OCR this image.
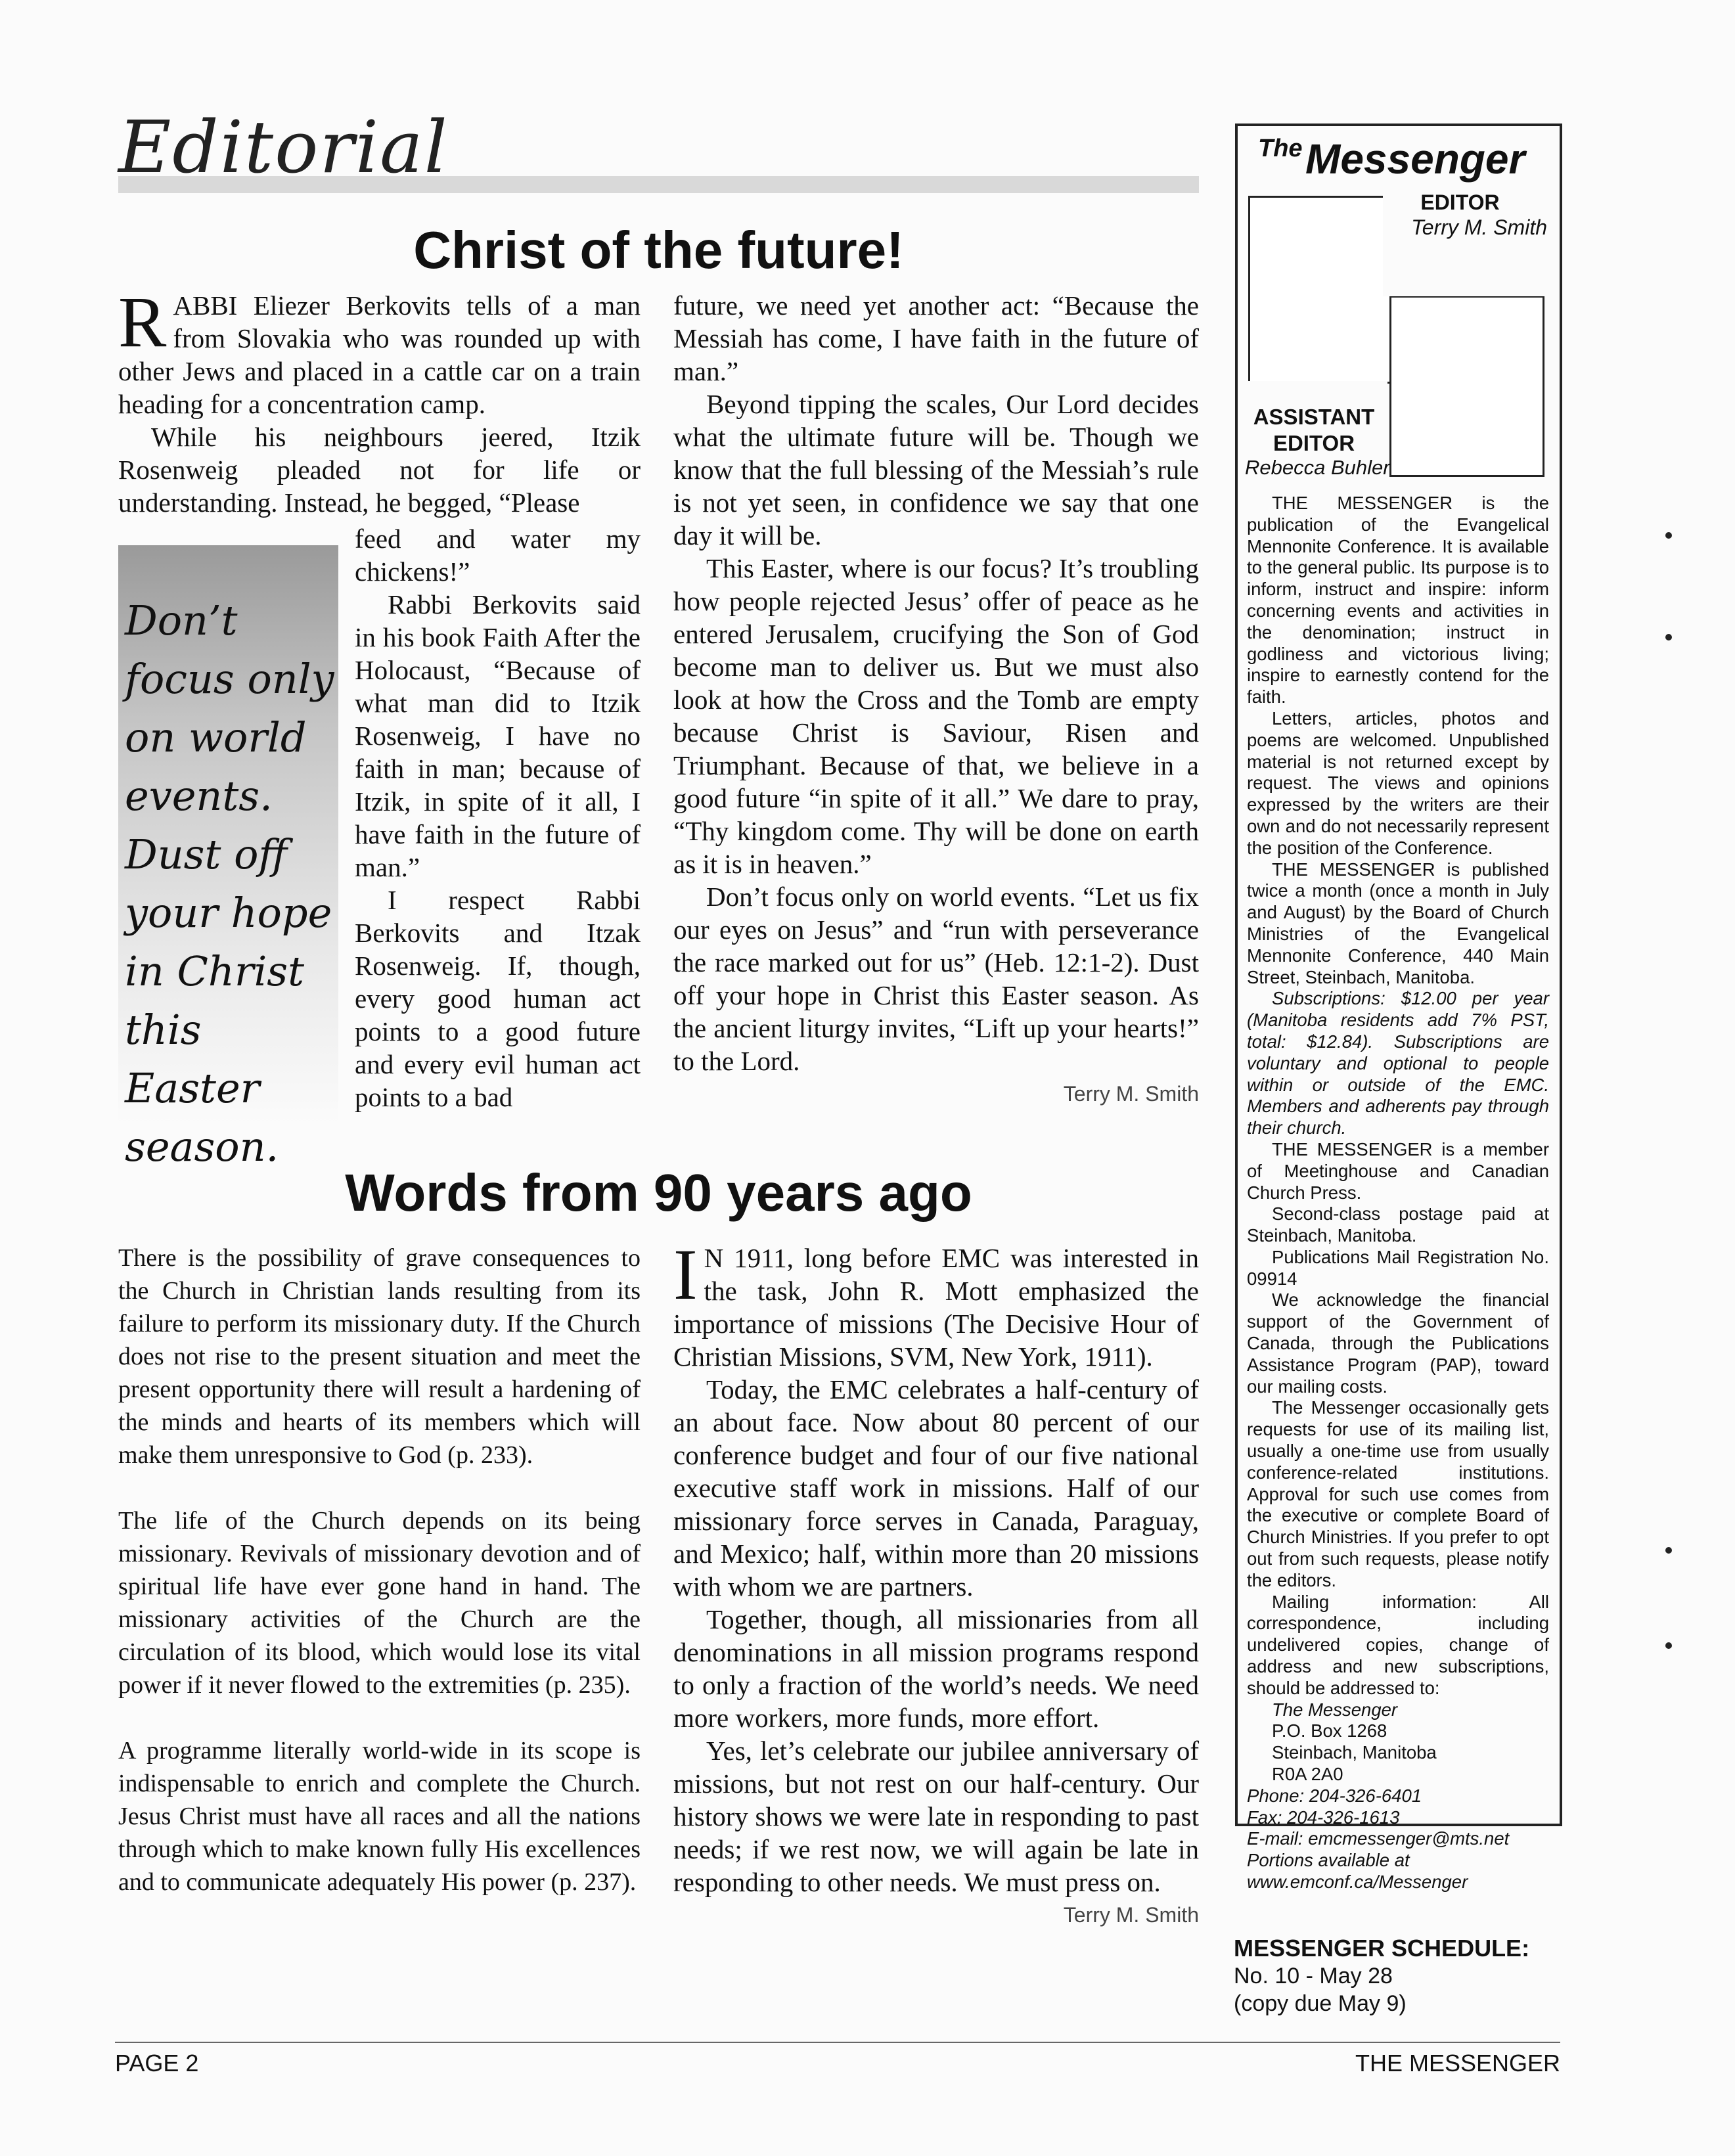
Editorial
Christ of the future!

RABBI Eliezer Berkovits tells of a man from Slovakia who was rounded up with other Jews and placed in a cattle car on a train heading for a concentration camp.

While his neighbours jeered, Itzik Rosenweig pleaded not for life or understanding. Instead, he begged, “Please

Don’t focus only on world events. Dust off your hope in Christ this Easter season.

feed and water my chickens!”

Rabbi Berkovits said in his book Faith After the Holocaust, “Because of what man did to Itzik Rosenweig, I have no faith in man; because of Itzik, in spite of it all, I have faith in the future of man.”

I respect Rabbi Berkovits and Itzak Rosenweig. If, though, every good human act points to a good future and every evil human act points to a bad

future, we need yet another act: “Because the Messiah has come, I have faith in the future of man.”

Beyond tipping the scales, Our Lord decides what the ultimate future will be. Though we know that the full blessing of the Messiah’s rule is not yet seen, in confidence we say that one day it will be.

This Easter, where is our focus? It’s troubling how people rejected Jesus’ offer of peace as he entered Jerusalem, crucifying the Son of God become man to deliver us. But we must also look at how the Cross and the Tomb are empty because Christ is Saviour, Risen and Triumphant. Because of that, we believe in a good future “in spite of it all.” We dare to pray, “Thy kingdom come. Thy will be done on earth as it is in heaven.”

Don’t focus only on world events. “Let us fix our eyes on Jesus” and “run with perseverance the race marked out for us” (Heb. 12:1-2). Dust off your hope in Christ this Easter season. As the ancient liturgy invites, “Lift up your hearts!” to the Lord.

Terry M. Smith
Words from 90 years ago

There is the possibility of grave consequences to the Church in Christian lands resulting from its failure to perform its missionary duty. If the Church does not rise to the present situation and meet the present opportunity there will result a hardening of the minds and hearts of its members which will make them unresponsive to God (p. 233).

The life of the Church depends on its being missionary. Revivals of missionary devotion and of spiritual life have ever gone hand in hand. The missionary activities of the Church are the circulation of its blood, which would lose its vital power if it never flowed to the extremities (p. 235).

A programme literally world-wide in its scope is indispensable to enrich and complete the Church. Jesus Christ must have all races and all the nations through which to make known fully His excellences and to communicate adequately His power (p. 237).

I N 1911, long before EMC was interested in the task, John R. Mott emphasized the importance of missions (The Decisive Hour of Christian Missions, SVM, New York, 1911).

Today, the EMC celebrates a half-century of an about face. Now about 80 percent of our conference budget and four of our five national executive staff work in missions. Half of our missionary force serves in Canada, Paraguay, and Mexico; half, within more than 20 missions with whom we are partners.

Together, though, all missionaries from all denominations in all mission programs respond to only a fraction of the world’s needs. We need more workers, more funds, more effort.

Yes, let’s celebrate our jubilee anniversary of missions, but not rest on our half-century. Our history shows we were late in responding to past needs; if we rest now, we will again be late in responding to other needs. We must press on.

Terry M. Smith
The Messenger
EDITOR
Terry M. Smith
ASSISTANT EDITOR
Rebecca Buhler

THE MESSENGER is the publication of the Evangelical Mennonite Conference. It is available to the general public. Its purpose is to inform, instruct and inspire: inform concerning events and activities in the denomination; instruct in godliness and victorious living; inspire to earnestly contend for the faith.

Letters, articles, photos and poems are welcomed. Unpublished material is not returned except by request. The views and opinions expressed by the writers are their own and do not necessarily represent the position of the Conference.

THE MESSENGER is published twice a month (once a month in July and August) by the Board of Church Ministries of the Evangelical Mennonite Conference, 440 Main Street, Steinbach, Manitoba.

Subscriptions: $12.00 per year (Manitoba residents add 7% PST, total: $12.84). Subscriptions are voluntary and optional to people within or outside of the EMC. Members and adherents pay through their church.

THE MESSENGER is a member of Meetinghouse and Canadian Church Press.

Second-class postage paid at Steinbach, Manitoba.

Publications Mail Registration No. 09914

We acknowledge the financial support of the Government of Canada, through the Publications Assistance Program (PAP), toward our mailing costs.

The Messenger occasionally gets requests for use of its mailing list, usually a one-time use from usually conference-related institutions. Approval for such use comes from the executive or complete Board of Church Ministries. If you prefer to opt out from such requests, please notify the editors.

Mailing information: All correspondence, including undelivered copies, change of address and new subscriptions, should be addressed to:

The Messenger

P.O. Box 1268

Steinbach, Manitoba

R0A 2A0

Phone: 204-326-6401

Fax: 204-326-1613

E-mail: emcmessenger@mts.net

Portions available at

www.emconf.ca/Messenger

MESSENGER SCHEDULE:
No. 10 - May 28
(copy due May 9)
PAGE 2	THE MESSENGER
